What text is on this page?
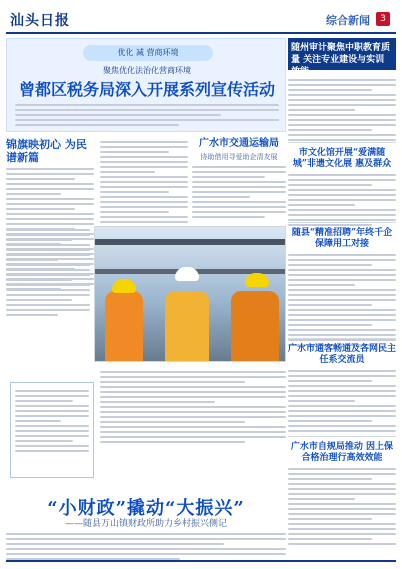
汕头日报	综合新闻	3
优化 减 营商环境
聚焦优化法治化营商环境
曾都区税务局深入开展系列宣传活动
锦旗映初心 为民谱新篇
广水市交通运输局
协助借用寻爱助企清友展
“小财政”撬动“大振兴”
——随县万山镇财政所助力乡村振兴侧记
随州审计聚焦中职教育质量 关注专业建设与实训效能
市文化馆开展“爱满随城”非遗文化展 惠及群众
随县“精准招聘”年终千企 保障用工对接
广水市通客畅通及各网民主任系交流员
广水市自规局推动 因上保合格治理行高效效能
